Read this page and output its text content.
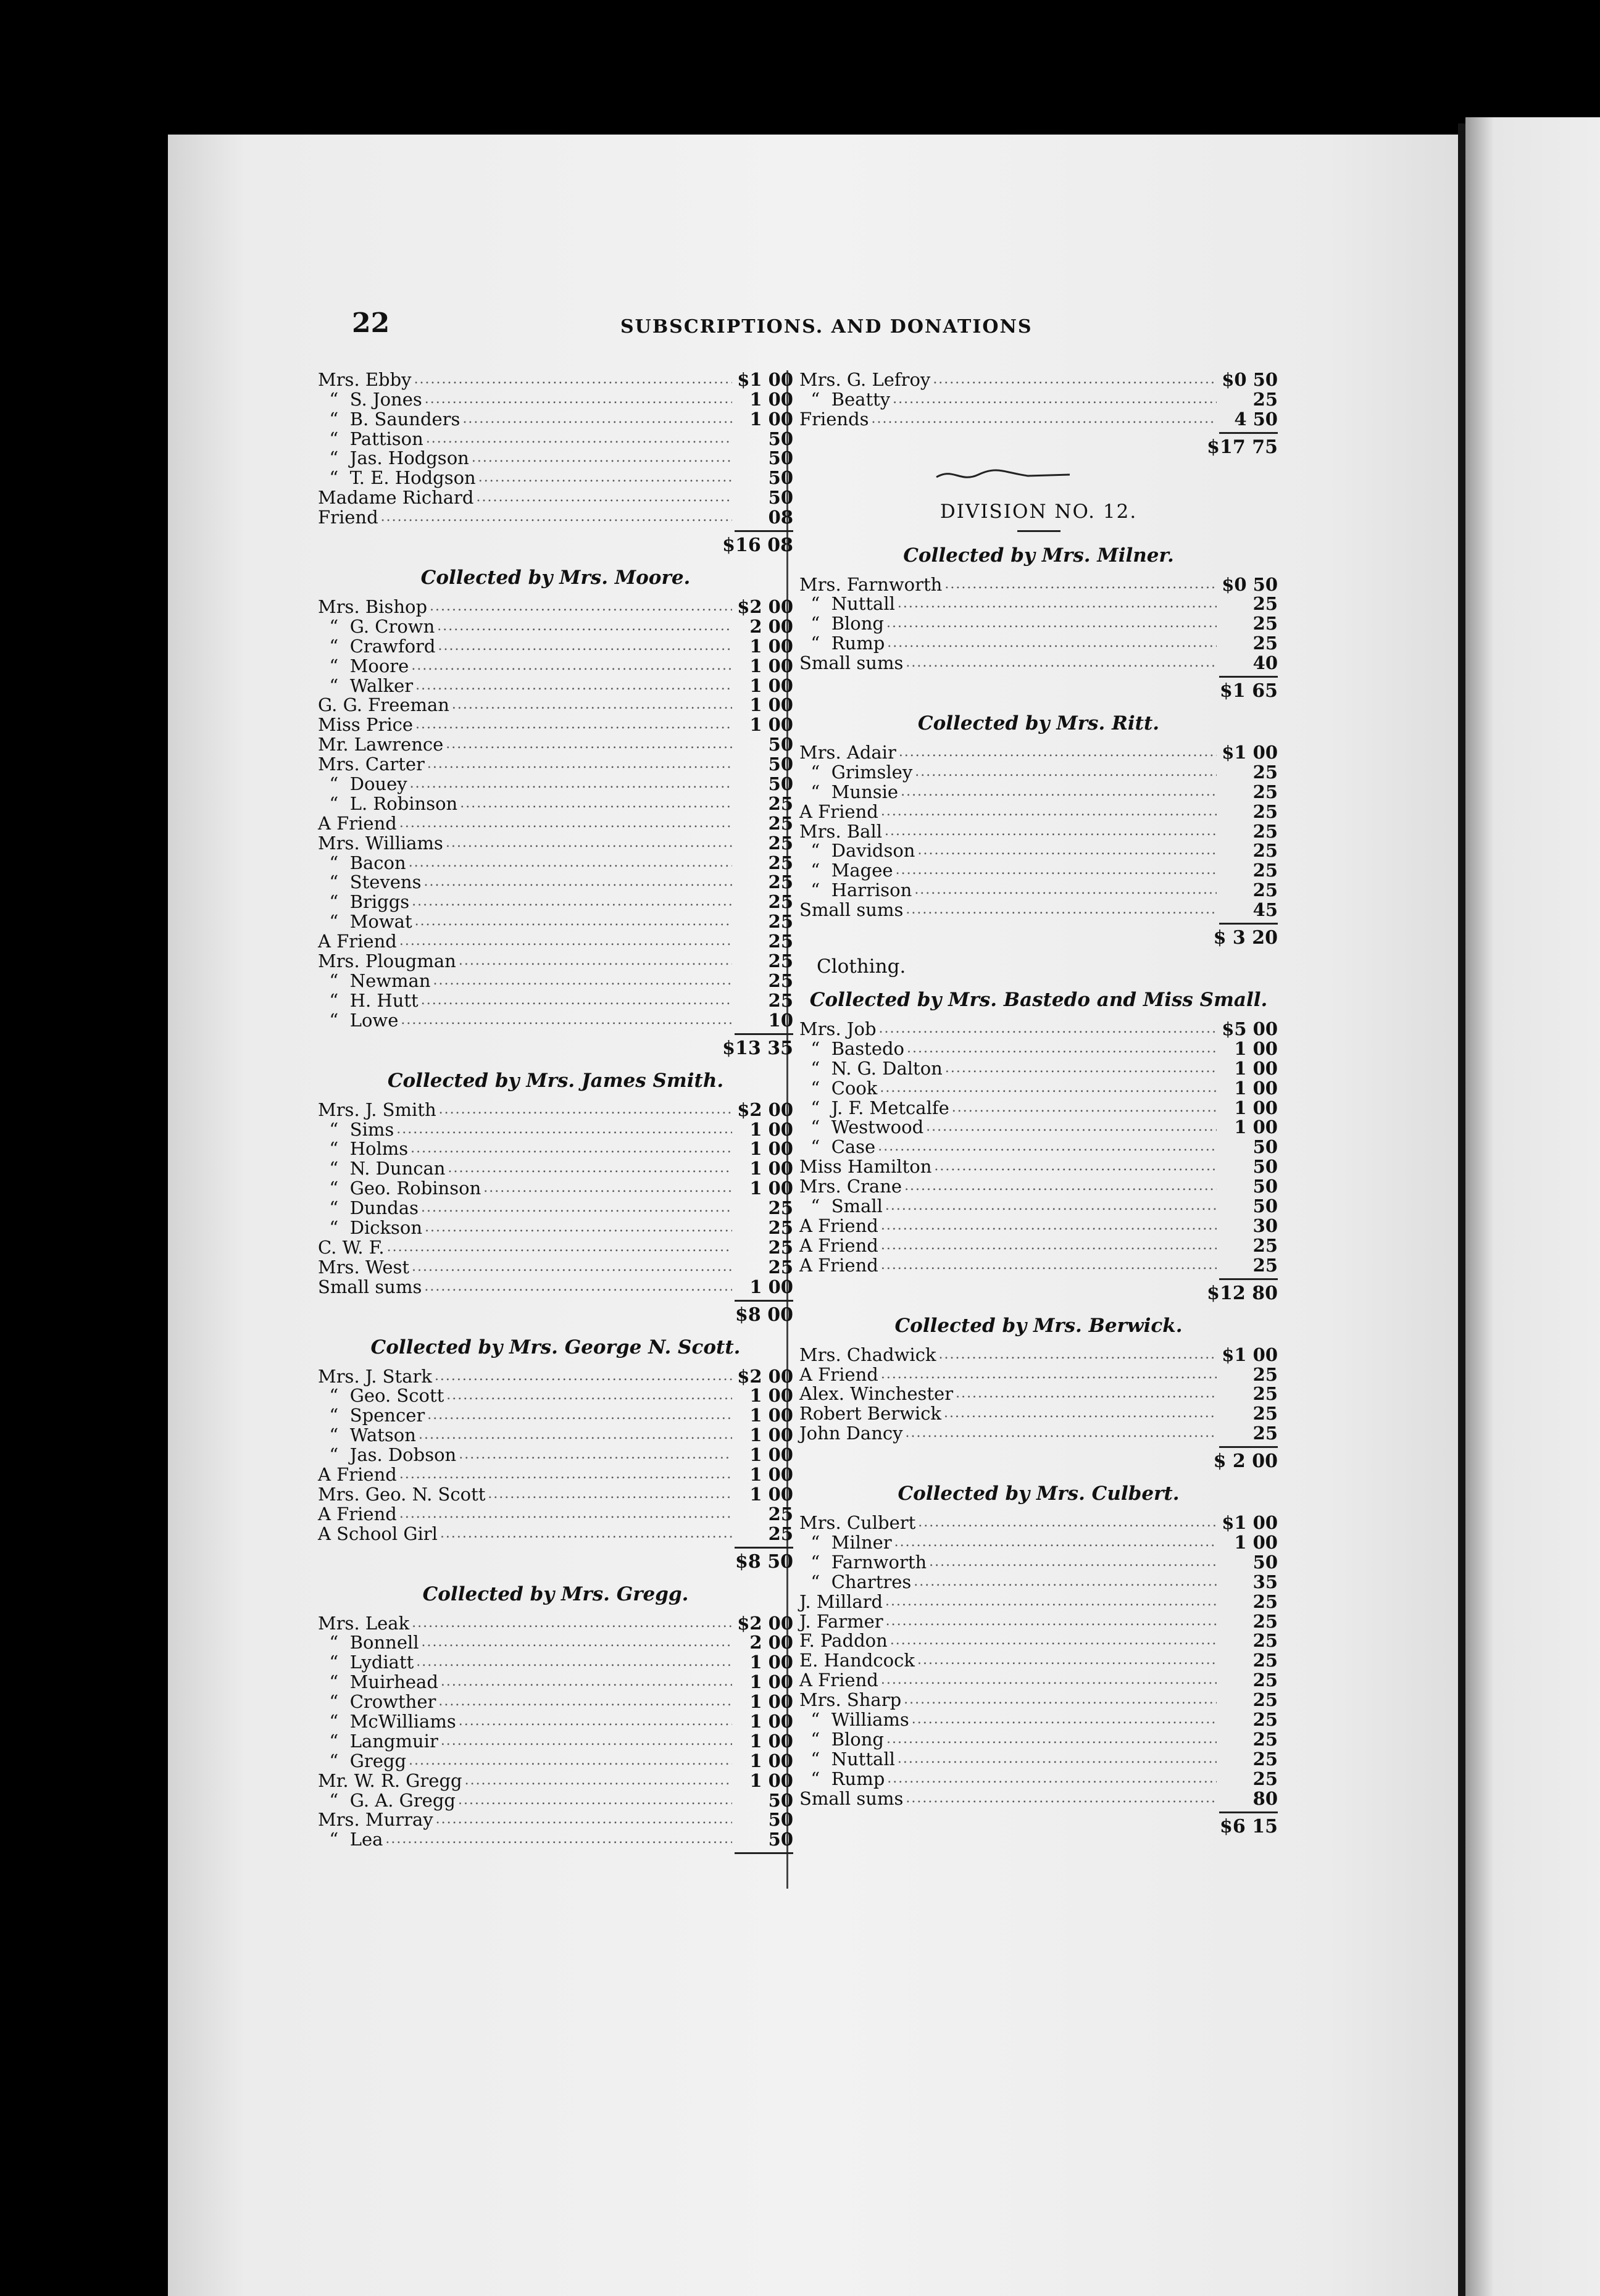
22	SUBSCRIPTIONS. AND DONATIONS
Mrs. Ebby .....	$1 00
“  S. Jones .....	1 00
“  B. Saunders .....	1 00
“  Pattison .....	50
“  Jas. Hodgson .....	50
“  T. E. Hodgson .....	50
Madame Richard .....	50
Friend .....	08
$16 08
Collected by Mrs. Moore.
Mrs. Bishop .....	$2 00
“  G. Crown .....	2 00
“  Crawford .....	1 00
“  Moore .....	1 00
“  Walker .....	1 00
G. G. Freeman .....	1 00
Miss Price .....	1 00
Mr. Lawrence .....	50
Mrs. Carter .....	50
“  Douey .....	50
“  L. Robinson .....	25
A Friend .....	25
Mrs. Williams .....	25
“  Bacon .....	25
“  Stevens .....	25
“  Briggs .....	25
“  Mowat .....	25
A Friend .....	25
Mrs. Plougman .....	25
“  Newman .....	25
“  H. Hutt .....	25
“  Lowe .....	10
$13 35
Collected by Mrs. James Smith.
Mrs. J. Smith .....	$2 00
“  Sims .....	1 00
“  Holms .....	1 00
“  N. Duncan .....	1 00
“  Geo. Robinson .....	1 00
“  Dundas .....	25
“  Dickson .....	25
C. W. F. .....	25
Mrs. West .....	25
Small sums .....	1 00
$8 00
Collected by Mrs. George N. Scott.
Mrs. J. Stark .....	$2 00
“  Geo. Scott .....	1 00
“  Spencer .....	1 00
“  Watson .....	1 00
“  Jas. Dobson .....	1 00
A Friend .....	1 00
Mrs. Geo. N. Scott .....	1 00
A Friend .....	25
A School Girl .....	25
$8 50
Collected by Mrs. Gregg.
Mrs. Leak .....	$2 00
“  Bonnell .....	2 00
“  Lydiatt .....	1 00
“  Muirhead .....	1 00
“  Crowther .....	1 00
“  McWilliams .....	1 00
“  Langmuir .....	1 00
“  Gregg .....	1 00
Mr. W. R. Gregg .....	1 00
“  G. A. Gregg .....	50
Mrs. Murray .....	50
“  Lea .....	50
Mrs. G. Lefroy .....	$0 50
“  Beatty .....	25
Friends .....	4 50
$17 75
DIVISION NO. 12.
Collected by Mrs. Milner.
Mrs. Farnworth .....	$0 50
“  Nuttall .....	25
“  Blong .....	25
“  Rump .....	25
Small sums .....	40
$1 65
Collected by Mrs. Ritt.
Mrs. Adair .....	$1 00
“  Grimsley .....	25
“  Munsie .....	25
A Friend .....	25
Mrs. Ball .....	25
“  Davidson .....	25
“  Magee .....	25
“  Harrison .....	25
Small sums .....	45
$ 3 20
Clothing.
Collected by Mrs. Bastedo and Miss Small.
Mrs. Job .....	$5 00
“  Bastedo .....	1 00
“  N. G. Dalton .....	1 00
“  Cook .....	1 00
“  J. F. Metcalfe .....	1 00
“  Westwood .....	1 00
“  Case .....	50
Miss Hamilton .....	50
Mrs. Crane .....	50
“  Small .....	50
A Friend .....	30
A Friend .....	25
A Friend .....	25
$12 80
Collected by Mrs. Berwick.
Mrs. Chadwick .....	$1 00
A Friend .....	25
Alex. Winchester .....	25
Robert Berwick .....	25
John Dancy .....	25
$ 2 00
Collected by Mrs. Culbert.
Mrs. Culbert .....	$1 00
“  Milner .....	1 00
“  Farnworth .....	50
“  Chartres .....	35
J. Millard .....	25
J. Farmer .....	25
F. Paddon .....	25
E. Handcock .....	25
A Friend .....	25
Mrs. Sharp .....	25
“  Williams .....	25
“  Blong .....	25
“  Nuttall .....	25
“  Rump .....	25
Small sums .....	80
$6 15
